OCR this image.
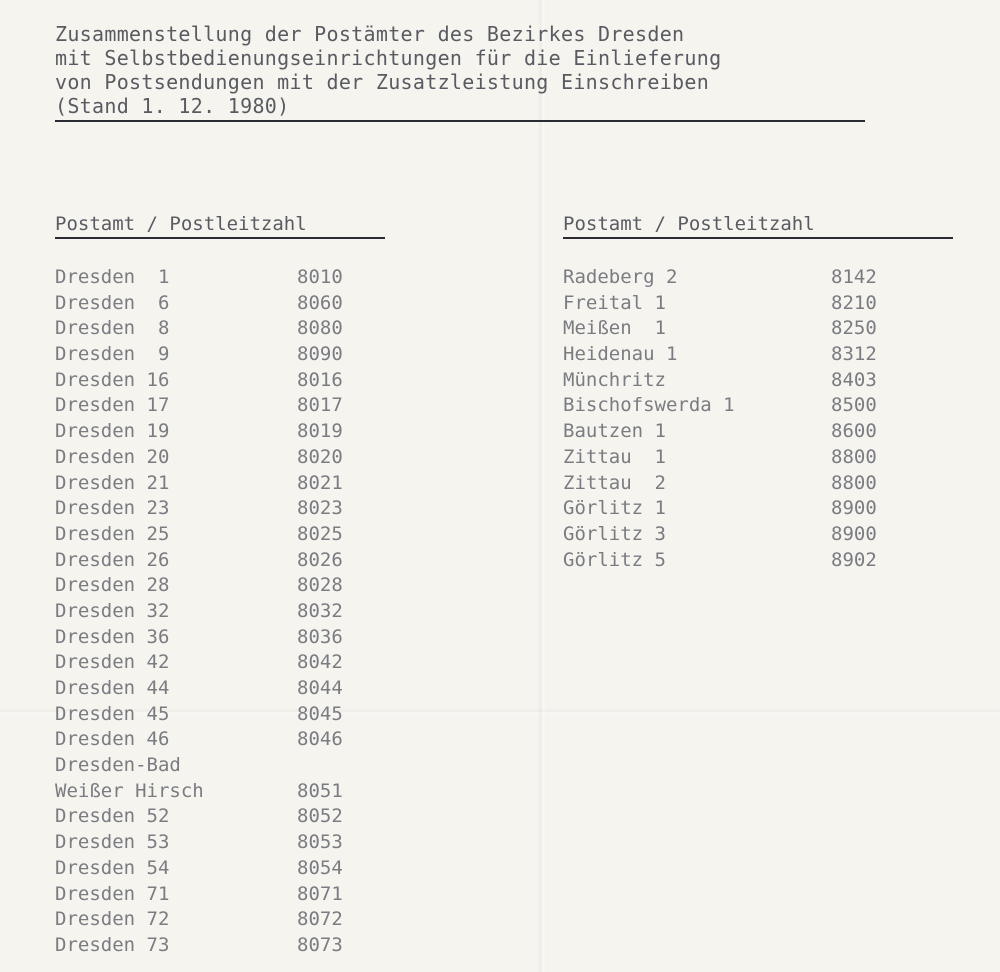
Zusammenstellung der Postämter des Bezirkes Dresden
mit Selbstbedienungseinrichtungen für die Einlieferung
von Postsendungen mit der Zusatzleistung Einschreiben
(Stand 1. 12. 1980)
Postamt / Postleitzahl
Dresden  1	8010
Dresden  6	8060
Dresden  8	8080
Dresden  9	8090
Dresden 16	8016
Dresden 17	8017
Dresden 19	8019
Dresden 20	8020
Dresden 21	8021
Dresden 23	8023
Dresden 25	8025
Dresden 26	8026
Dresden 28	8028
Dresden 32	8032
Dresden 36	8036
Dresden 42	8042
Dresden 44	8044
Dresden 45	8045
Dresden 46	8046
Dresden-Bad
Weißer Hirsch	8051
Dresden 52	8052
Dresden 53	8053
Dresden 54	8054
Dresden 71	8071
Dresden 72	8072
Dresden 73	8073
Postamt / Postleitzahl
Radeberg 2	8142
Freital 1	8210
Meißen  1	8250
Heidenau 1	8312
Münchritz	8403
Bischofswerda 1	8500
Bautzen 1	8600
Zittau  1	8800
Zittau  2	8800
Görlitz 1	8900
Görlitz 3	8900
Görlitz 5	8902
